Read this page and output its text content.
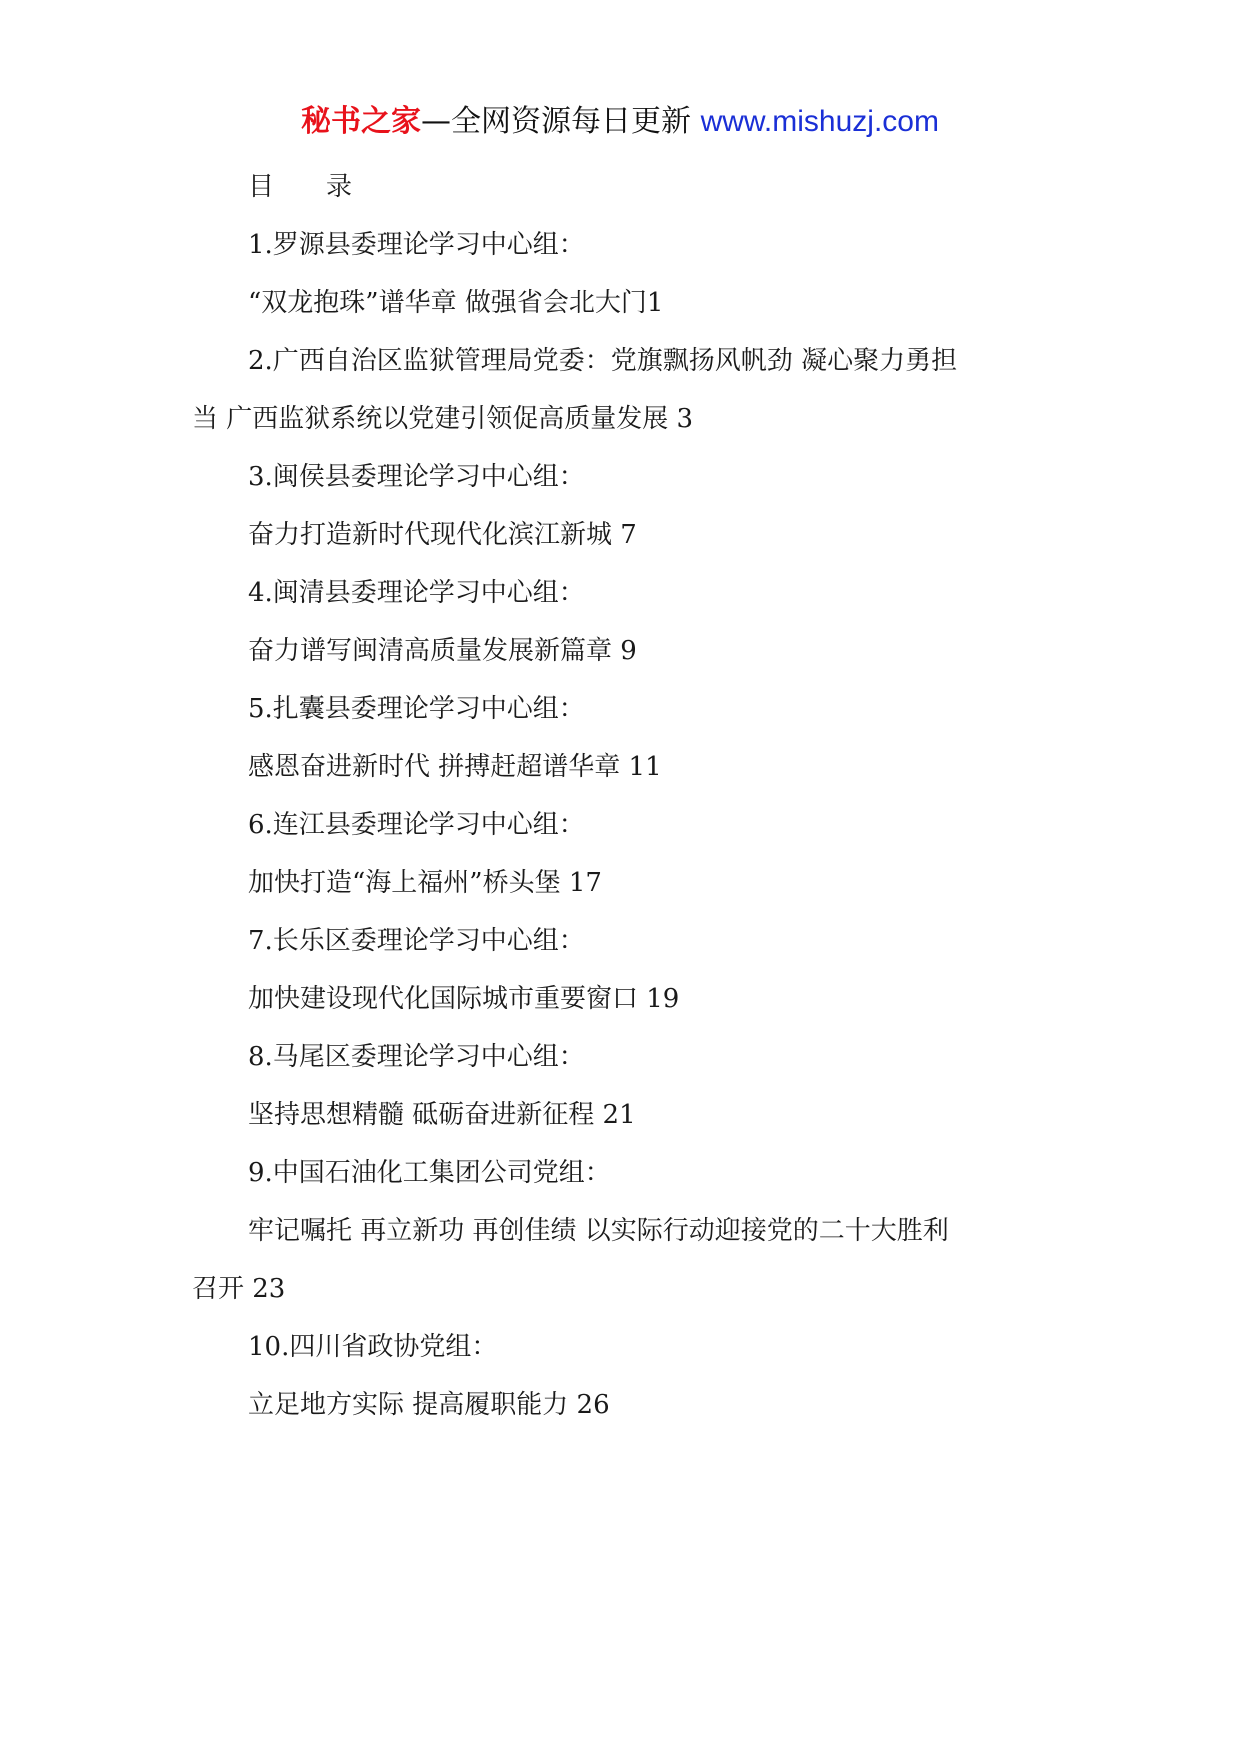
秘书之家—全网资源每日更新 www.mishuzj.com
目　　录
1.罗源县委理论学习中心组：
“双龙抱珠”谱华章 做强省会北大门1
2.广西自治区监狱管理局党委：党旗飘扬风帆劲 凝心聚力勇担
当 广西监狱系统以党建引领促高质量发展 3
3.闽侯县委理论学习中心组：
奋力打造新时代现代化滨江新城 7
4.闽清县委理论学习中心组：
奋力谱写闽清高质量发展新篇章 9
5.扎囊县委理论学习中心组：
感恩奋进新时代 拼搏赶超谱华章 11
6.连江县委理论学习中心组：
加快打造“海上福州”桥头堡 17
7.长乐区委理论学习中心组：
加快建设现代化国际城市重要窗口 19
8.马尾区委理论学习中心组：
坚持思想精髓 砥砺奋进新征程 21
9.中国石油化工集团公司党组：
牢记嘱托 再立新功 再创佳绩 以实际行动迎接党的二十大胜利
召开 23
10.四川省政协党组：
立足地方实际 提高履职能力 26
